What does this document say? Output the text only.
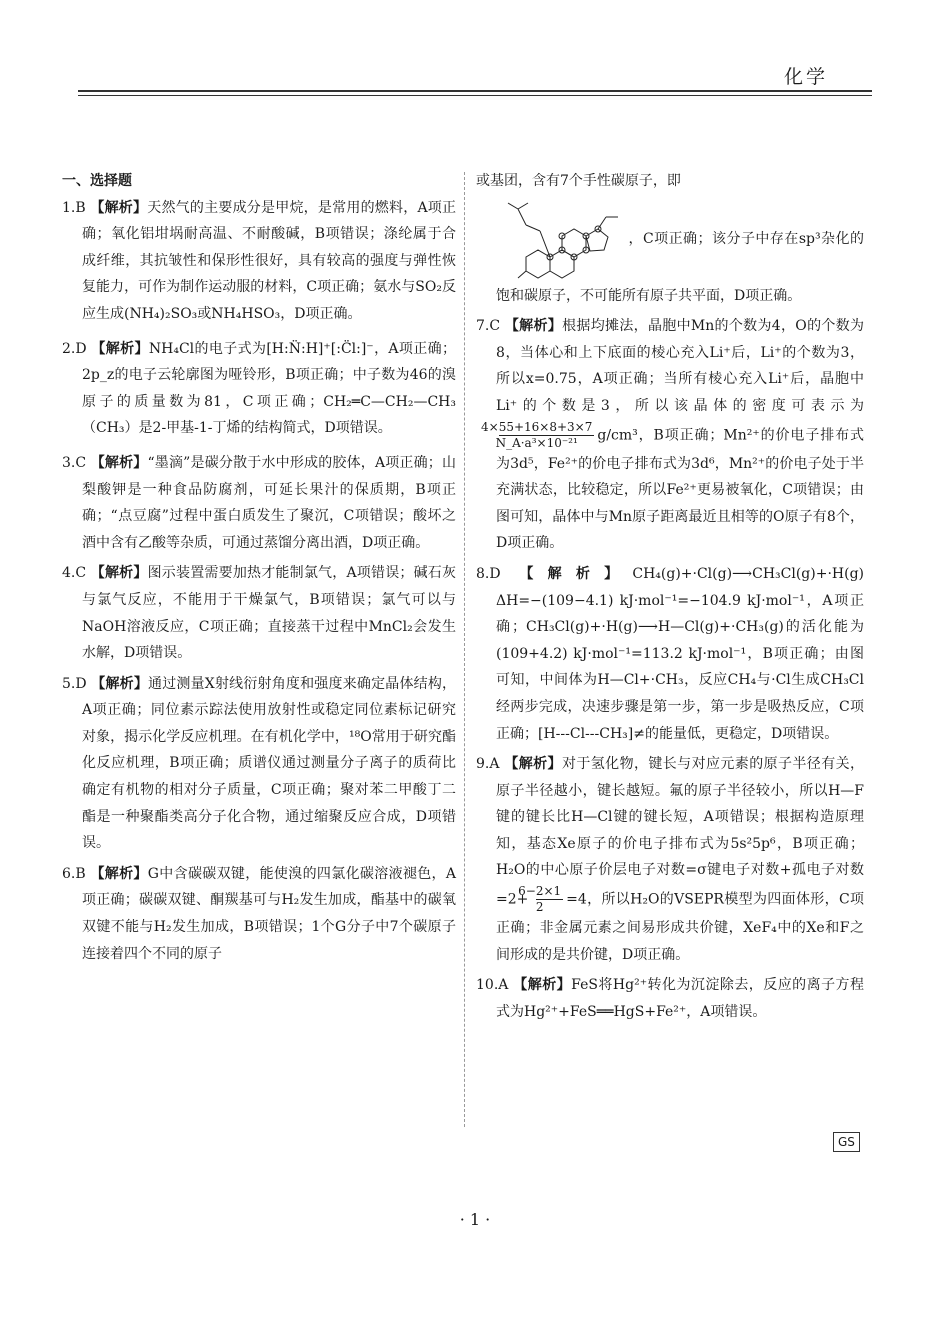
化学
一、选择题
1.B 【解析】天然气的主要成分是甲烷，是常用的燃料，A项正确；氧化铝坩埚耐高温、不耐酸碱，B项错误；涤纶属于合成纤维，其抗皱性和保形性很好，具有较高的强度与弹性恢复能力，可作为制作运动服的材料，C项正确；氨水与SO₂反应生成(NH₄)₂SO₃或NH₄HSO₃，D项正确。
2.D 【解析】NH₄Cl的电子式为[H:N̈:H]⁺[:C̈l:]⁻，A项正确；2p_z的电子云轮廓图为哑铃形，B项正确；中子数为46的溴原子的质量数为81，C项正确；CH₂═C—CH₂—CH₃（CH₃）是2-甲基-1-丁烯的结构简式，D项错误。
3.C 【解析】“墨滴”是碳分散于水中形成的胶体，A项正确；山梨酸钾是一种食品防腐剂，可延长果汁的保质期，B项正确；“点豆腐”过程中蛋白质发生了聚沉，C项错误；酸坏之酒中含有乙酸等杂质，可通过蒸馏分离出酒，D项正确。
4.C 【解析】图示装置需要加热才能制氯气，A项错误；碱石灰与氯气反应，不能用于干燥氯气，B项错误；氯气可以与NaOH溶液反应，C项正确；直接蒸干过程中MnCl₂会发生水解，D项错误。
5.D 【解析】通过测量X射线衍射角度和强度来确定晶体结构，A项正确；同位素示踪法使用放射性或稳定同位素标记研究对象，揭示化学反应机理。在有机化学中，¹⁸O常用于研究酯化反应机理，B项正确；质谱仪通过测量分子离子的质荷比确定有机物的相对分子质量，C项正确；聚对苯二甲酸丁二酯是一种聚酯类高分子化合物，通过缩聚反应合成，D项错误。
6.B 【解析】G中含碳碳双键，能使溴的四氯化碳溶液褪色，A项正确；碳碳双键、酮羰基可与H₂发生加成，酯基中的碳氧双键不能与H₂发生加成，B项错误；1个G分子中7个碳原子连接着四个不同的原子
或基团，含有7个手性碳原子，即
，C项正确；该分子中存在sp³杂化的饱和碳原子，不可能所有原子共平面，D项正确。
7.C 【解析】根据均摊法，晶胞中Mn的个数为4，O的个数为8，当体心和上下底面的棱心充入Li⁺后，Li⁺的个数为3，所以x=0.75，A项正确；当所有棱心充入Li⁺后，晶胞中Li⁺的个数是3，所以该晶体的密度可表示为
$\frac{4\times 55+16\times 8+3\times 7}{\text{N\_A·a³×10⁻²¹}} g/cm^3$，B项正确；Mn²⁺的价电子排布式为3d⁵，Fe²⁺的价电子排布式为3d⁶，Mn²⁺的价电子处于半充满状态，比较稳定，所以Fe²⁺更易被氧化，C项错误；由图可知，晶体中与Mn原子距离最近且相等的O原子有8个，D项正确。
8.D 【解析】CH₄(g)+·Cl(g)⟶CH₃Cl(g)+·H(g) ΔH=−(109−4.1) kJ·mol⁻¹=−104.9 kJ·mol⁻¹，A项正确；CH₃Cl(g)+·H(g)⟶H—Cl(g)+·CH₃(g)的活化能为(109+4.2) kJ·mol⁻¹=113.2 kJ·mol⁻¹，B项正确；由图可知，中间体为H—Cl+·CH₃，反应CH₄与·Cl生成CH₃Cl经两步完成，决速步骤是第一步，第一步是吸热反应，C项正确；[H---Cl---CH₃]≠的能量低，更稳定，D项错误。
9.A 【解析】对于氢化物，键长与对应元素的原子半径有关，原子半径越小，键长越短。氟的原子半径较小，所以H—F键的键长比H—Cl键的键长短，A项错误；根据构造原理知，基态Xe原子的价电子排布式为5s²5p⁶，B项正确；H₂O的中心原子价层电子对数=σ键电子对数+孤电子对数$=2+ \frac{6-2\times 1}{2} =4$，所以H₂O的VSEPR模型为四面体形，C项正确；非金属元素之间易形成共价键，XeF₄中的Xe和F之间形成的是共价键，D项正确。
10.A 【解析】FeS将Hg²⁺转化为沉淀除去，反应的离子方程式为Hg²⁺+FeS══HgS+Fe²⁺，A项错误。
GS
· 1 ·
